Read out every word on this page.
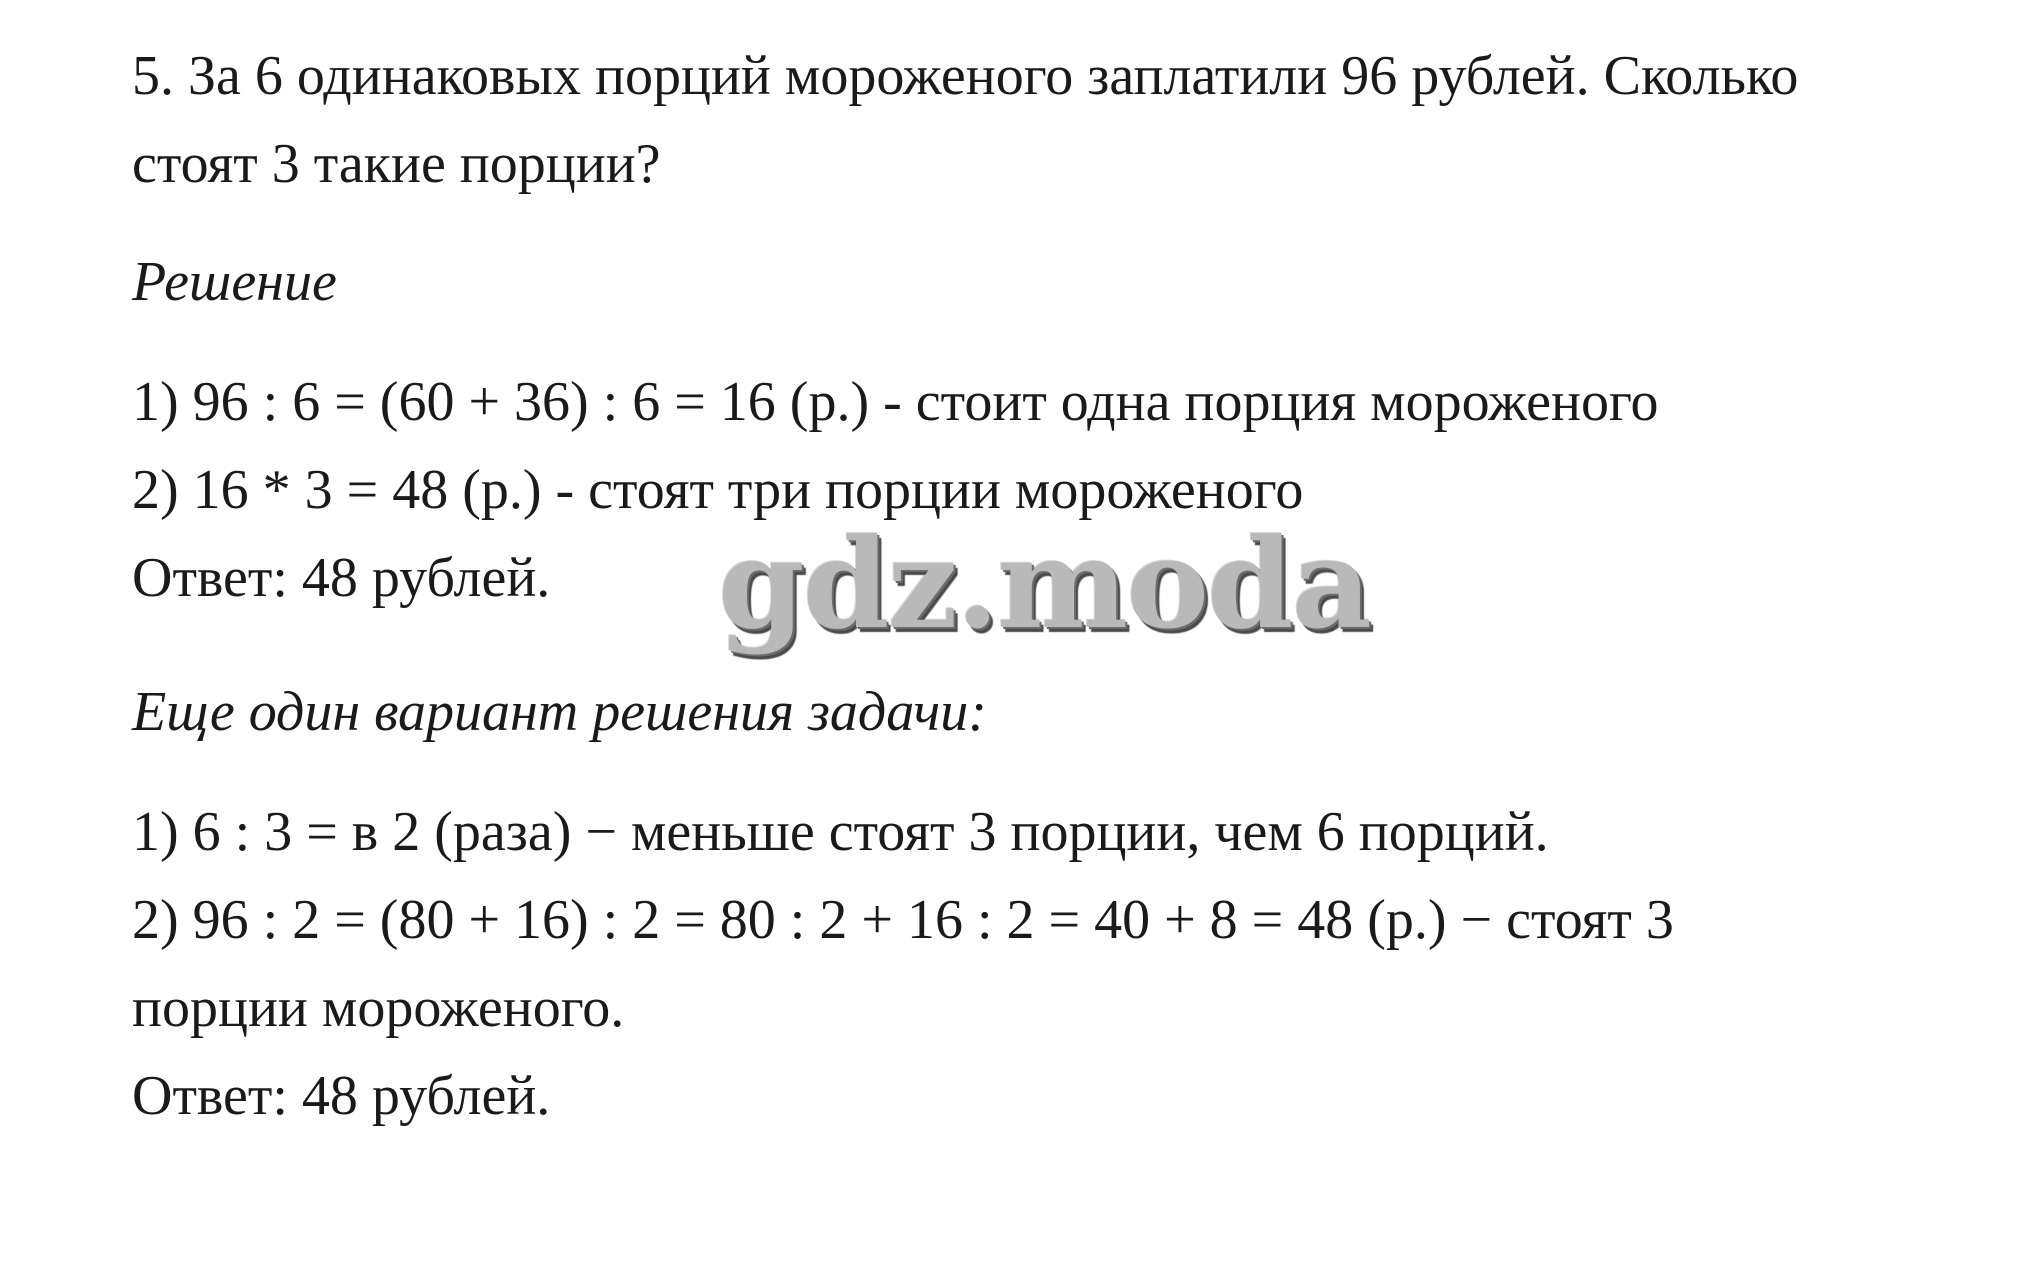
5. За 6 одинаковых порций мороженого заплатили 96 рублей. Сколько
стоят 3 такие порции?
Решение
1) 96 : 6 = (60 + 36) : 6 = 16 (р.) - стоит одна порция мороженого
2) 16 * 3 = 48 (р.) - стоят три порции мороженого
Ответ: 48 рублей. gdz.moda
Еще один вариант решения задачи:
1) 6 : 3 = в 2 (раза) − меньше стоят 3 порции, чем 6 порций.
2) 96 : 2 = (80 + 16) : 2 = 80 : 2 + 16 : 2 = 40 + 8 = 48 (р.) − стоят 3
порции мороженого.
Ответ: 48 рублей.
